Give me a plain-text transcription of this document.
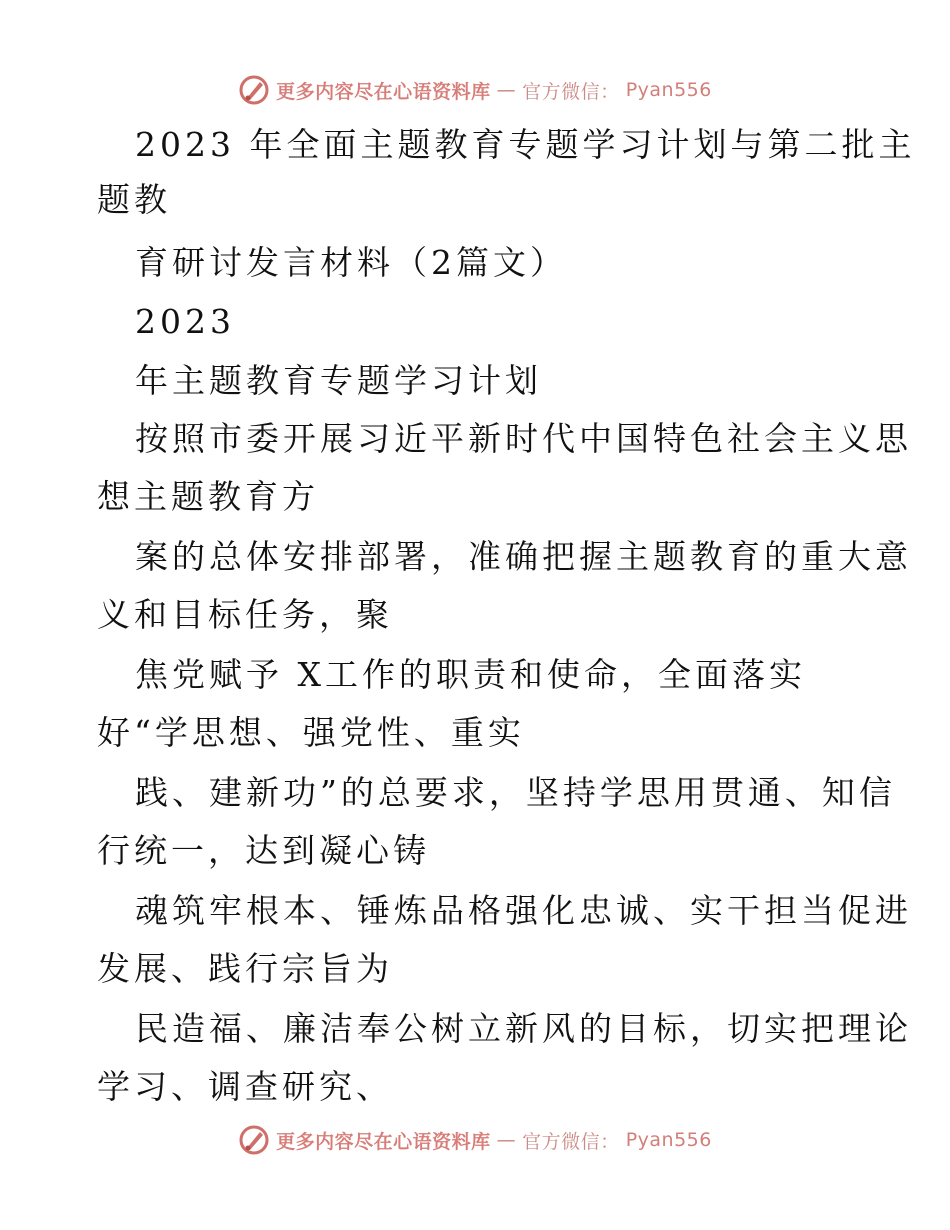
更多内容尽在心语资料库 — 官方微信： Pyan556
2023 年全面主题教育专题学习计划与第二批主
题教
育研讨发言材料（2篇文）
2023
年主题教育专题学习计划
按照市委开展习近平新时代中国特色社会主义思
想主题教育方
案的总体安排部署，准确把握主题教育的重大意
义和目标任务，聚
焦党赋予 X工作的职责和使命，全面落实
好“学思想、强党性、重实
践、建新功”的总要求，坚持学思用贯通、知信
行统一，达到凝心铸
魂筑牢根本、锤炼品格强化忠诚、实干担当促进
发展、践行宗旨为
民造福、廉洁奉公树立新风的目标，切实把理论
学习、调查研究、
更多内容尽在心语资料库 — 官方微信： Pyan556
